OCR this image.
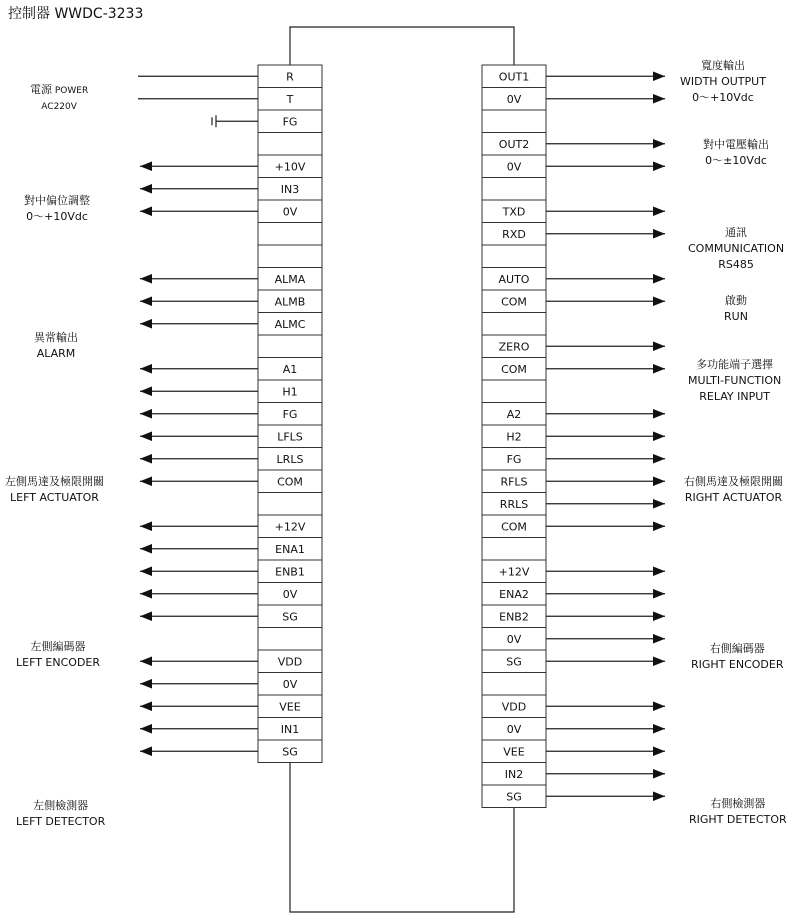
控制器 WWDC-3233
R
T
FG
+10V
IN3
0V
ALMA
ALMB
ALMC
A1
H1
FG
LFLS
LRLS
COM
+12V
ENA1
ENB1
0V
SG
VDD
0V
VEE
IN1
SG
OUT1
0V
OUT2
0V
TXD
RXD
AUTO
COM
ZERO
COM
A2
H2
FG
RFLS
RRLS
COM
+12V
ENA2
ENB2
0V
SG
VDD
0V
VEE
IN2
SG
電源 POWER
AC220V
對中偏位調整
0～+10Vdc
異常輸出
ALARM
左側馬達及極限開關
LEFT ACTUATOR
左側編碼器
LEFT ENCODER
左側檢測器
LEFT DETECTOR
寬度輸出
WIDTH OUTPUT
0～+10Vdc
對中電壓輸出
0～±10Vdc
通訊
COMMUNICATION
RS485
啟動
RUN
多功能端子選擇
MULTI-FUNCTION
RELAY INPUT
右側馬達及極限開關
RIGHT ACTUATOR
右側編碼器
RIGHT ENCODER
右側檢測器
RIGHT DETECTOR
